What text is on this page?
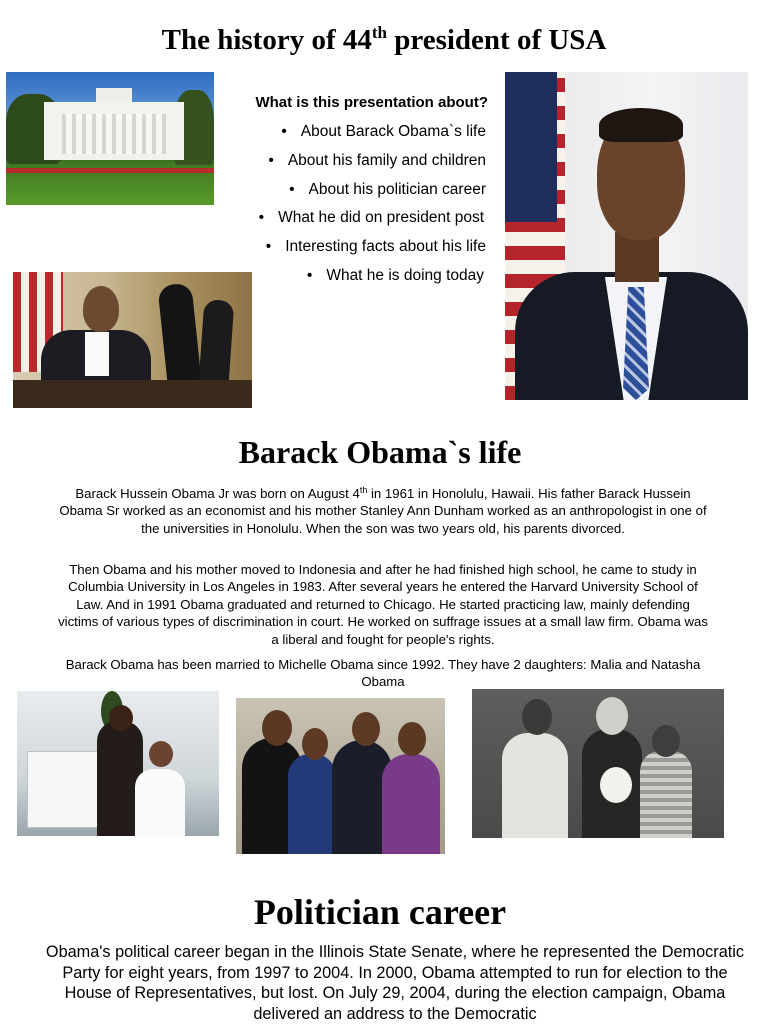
The history of 44th president of USA
What is this presentation about?
• About Barack Obama`s life
• About his family and children
• About his politician career
• What he did on president post
• Interesting facts about his life
• What he is doing today
Barack Obama`s life
Barack Hussein Obama Jr was born on August 4th in 1961 in Honolulu, Hawaii. His father Barack Hussein Obama Sr worked as an economist and his mother Stanley Ann Dunham worked as an anthropologist in one of the universities in Honolulu. When the son was two years old, his parents divorced.
Then Obama and his mother moved to Indonesia and after he had finished high school, he came to study in Columbia University in Los Angeles in 1983. After several years he entered the Harvard University School of Law. And in 1991 Obama graduated and returned to Chicago. He started practicing law, mainly defending victims of various types of discrimination in court. He worked on suffrage issues at a small law firm. Obama was a liberal and fought for people's rights.
Barack Obama has been married to Michelle Obama since 1992. They have 2 daughters: Malia and Natasha Obama
Politician career
Obama's political career began in the Illinois State Senate, where he represented the Democratic Party for eight years, from 1997 to 2004. In 2000, Obama attempted to run for election to the House of Representatives, but lost. On July 29, 2004, during the election campaign, Obama delivered an address to the Democratic
